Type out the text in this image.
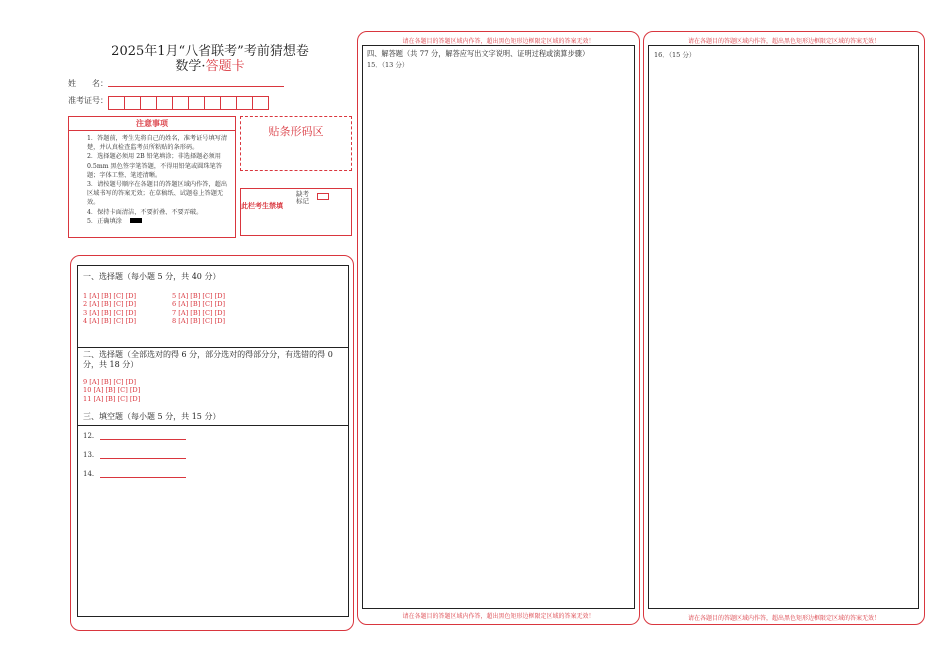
2025年1月“八省联考”考前猜想卷
数学·答题卡
姓　　名：
准考证号：
注意事项
1．答题前，考生先将自己的姓名，准考证号填写清楚，并认真检查监考员所粘贴的条形码。
2．选择题必须用 2B 铅笔填涂；非选择题必须用 0.5mm 黑色签字笔答题，不得用铅笔或圆珠笔答题；字体工整、笔迹清晰。
3．请按题号顺序在各题目的答题区域内作答，超出区域书写的答案无效；在草稿纸、试题卷上答题无效。
4．保持卡面清洁，不要折叠、不要弄破。
5．正确填涂
贴条形码区
此栏考生禁填
缺考标记
一、选择题（每小题 5 分，共 40 分）
1 [A] [B] [C] [D]
2 [A] [B] [C] [D]
3 [A] [B] [C] [D]
4 [A] [B] [C] [D]
5 [A] [B] [C] [D]
6 [A] [B] [C] [D]
7 [A] [B] [C] [D]
8 [A] [B] [C] [D]
二、选择题（全部选对的得 6 分，部分选对的得部分分，有选错的得 0 分，共 18 分）
9 [A] [B] [C] [D]
10 [A] [B] [C] [D]
11 [A] [B] [C] [D]
三、填空题（每小题 5 分，共 15 分）
12.
13.
14.
请在各题目的答题区域内作答，超出黑色矩形边框限定区域的答案无效！
四、解答题（共 77 分，解答应写出文字说明、证明过程或演算步骤）
15．（13 分）
请在各题目的答题区域内作答，超出黑色矩形边框限定区域的答案无效！
请在各题目的答题区域内作答，超出黑色矩形边框限定区域的答案无效！
16．（15 分）
请在各题目的答题区域内作答，超出黑色矩形边框限定区域的答案无效！
